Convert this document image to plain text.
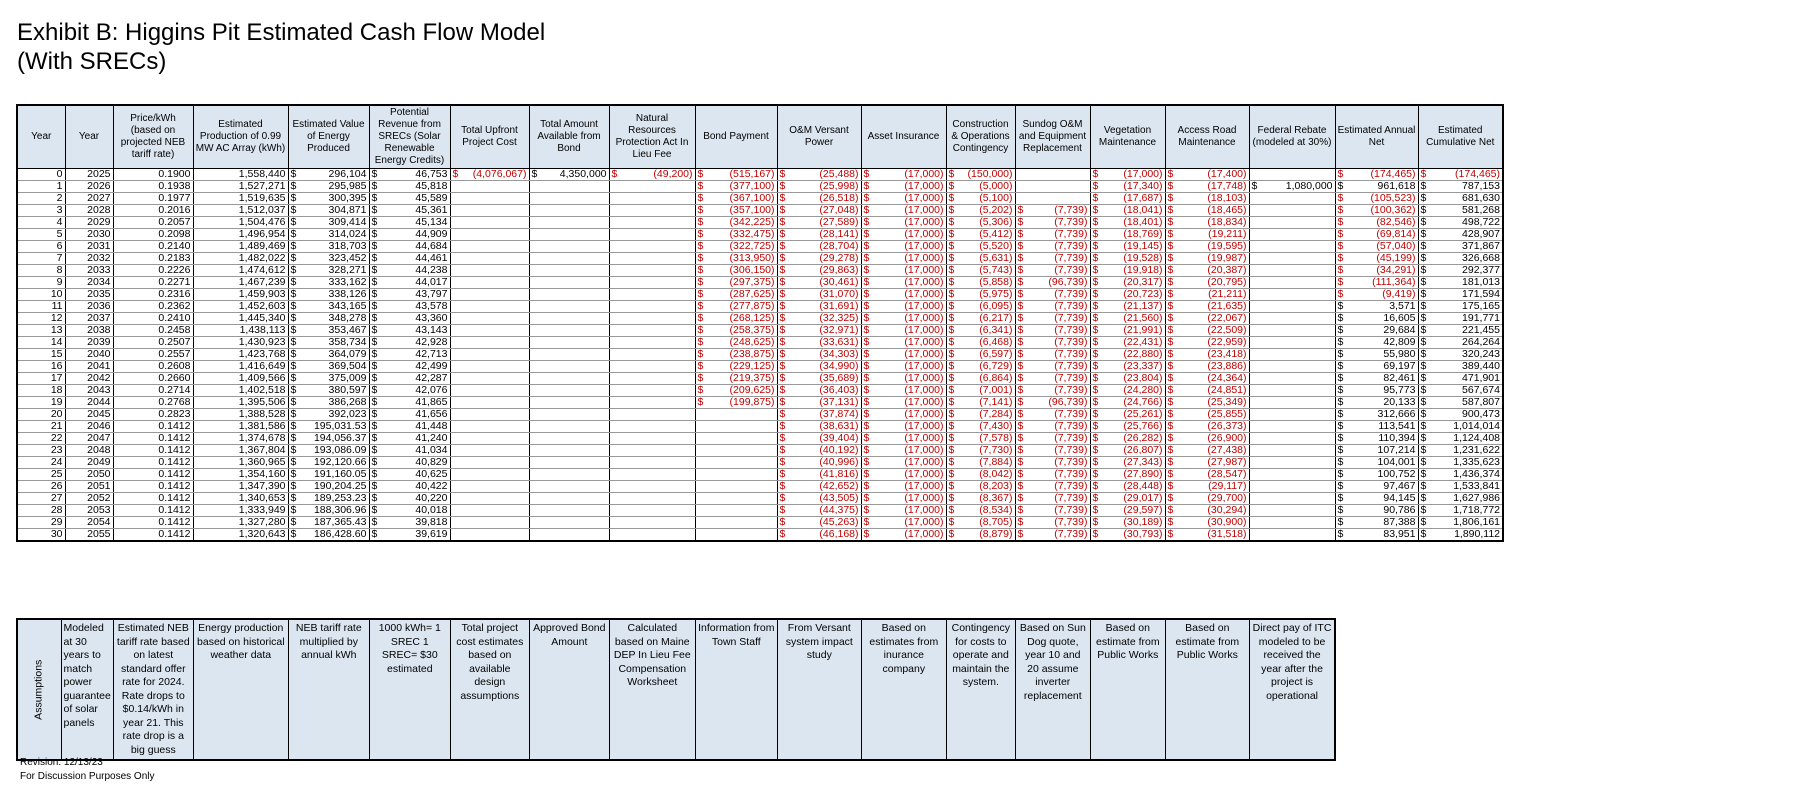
Exhibit B: Higgins Pit Estimated Cash Flow Model
(With SRECs)
Year	Year	Price/kWh (based on projected NEB tariff rate)	Estimated Production of 0.99 MW AC Array (kWh)	Estimated Value of Energy Produced	Potential Revenue from SRECs (Solar Renewable Energy Credits)	Total Upfront Project Cost	Total Amount Available from Bond	Natural Resources Protection Act In Lieu Fee	Bond Payment	O&M Versant Power	Asset Insurance	Construction & Operations Contingency	Sundog O&M and Equipment Replacement	Vegetation Maintenance	Access Road Maintenance	Federal Rebate (modeled at 30%)	Estimated Annual Net	Estimated Cumulative Net
0	2025	0.1900	1,558,440	$ 296,104	$ 46,753	$ (4,076,067)	$ 4,350,000	$ (49,200)	$ (515,167)	$ (25,488)	$ (17,000)	$ (150,000)		$ (17,000)	$ (17,400)		$ (174,465)	$ (174,465)
1	2026	0.1938	1,527,271	$ 295,985	$ 45,818				$ (377,100)	$ (25,998)	$ (17,000)	$ (5,000)		$ (17,340)	$ (17,748)	$ 1,080,000	$ 961,618	$ 787,153
2	2027	0.1977	1,519,635	$ 300,395	$ 45,589				$ (367,100)	$ (26,518)	$ (17,000)	$ (5,100)		$ (17,687)	$ (18,103)		$ (105,523)	$ 681,630
3	2028	0.2016	1,512,037	$ 304,871	$ 45,361				$ (357,100)	$ (27,048)	$ (17,000)	$ (5,202)	$ (7,739)	$ (18,041)	$ (18,465)		$ (100,362)	$ 581,268
4	2029	0.2057	1,504,476	$ 309,414	$ 45,134				$ (342,225)	$ (27,589)	$ (17,000)	$ (5,306)	$ (7,739)	$ (18,401)	$ (18,834)		$ (82,546)	$ 498,722
5	2030	0.2098	1,496,954	$ 314,024	$ 44,909				$ (332,475)	$ (28,141)	$ (17,000)	$ (5,412)	$ (7,739)	$ (18,769)	$ (19,211)		$ (69,814)	$ 428,907
6	2031	0.2140	1,489,469	$ 318,703	$ 44,684				$ (322,725)	$ (28,704)	$ (17,000)	$ (5,520)	$ (7,739)	$ (19,145)	$ (19,595)		$ (57,040)	$ 371,867
7	2032	0.2183	1,482,022	$ 323,452	$ 44,461				$ (313,950)	$ (29,278)	$ (17,000)	$ (5,631)	$ (7,739)	$ (19,528)	$ (19,987)		$ (45,199)	$ 326,668
8	2033	0.2226	1,474,612	$ 328,271	$ 44,238				$ (306,150)	$ (29,863)	$ (17,000)	$ (5,743)	$ (7,739)	$ (19,918)	$ (20,387)		$ (34,291)	$ 292,377
9	2034	0.2271	1,467,239	$ 333,162	$ 44,017				$ (297,375)	$ (30,461)	$ (17,000)	$ (5,858)	$ (96,739)	$ (20,317)	$ (20,795)		$ (111,364)	$ 181,013
10	2035	0.2316	1,459,903	$ 338,126	$ 43,797				$ (287,625)	$ (31,070)	$ (17,000)	$ (5,975)	$ (7,739)	$ (20,723)	$ (21,211)		$ (9,419)	$ 171,594
11	2036	0.2362	1,452,603	$ 343,165	$ 43,578				$ (277,875)	$ (31,691)	$ (17,000)	$ (6,095)	$ (7,739)	$ (21,137)	$ (21,635)		$ 3,571	$ 175,165
12	2037	0.2410	1,445,340	$ 348,278	$ 43,360				$ (268,125)	$ (32,325)	$ (17,000)	$ (6,217)	$ (7,739)	$ (21,560)	$ (22,067)		$ 16,605	$ 191,771
13	2038	0.2458	1,438,113	$ 353,467	$ 43,143				$ (258,375)	$ (32,971)	$ (17,000)	$ (6,341)	$ (7,739)	$ (21,991)	$ (22,509)		$ 29,684	$ 221,455
14	2039	0.2507	1,430,923	$ 358,734	$ 42,928				$ (248,625)	$ (33,631)	$ (17,000)	$ (6,468)	$ (7,739)	$ (22,431)	$ (22,959)		$ 42,809	$ 264,264
15	2040	0.2557	1,423,768	$ 364,079	$ 42,713				$ (238,875)	$ (34,303)	$ (17,000)	$ (6,597)	$ (7,739)	$ (22,880)	$ (23,418)		$ 55,980	$ 320,243
16	2041	0.2608	1,416,649	$ 369,504	$ 42,499				$ (229,125)	$ (34,990)	$ (17,000)	$ (6,729)	$ (7,739)	$ (23,337)	$ (23,886)		$ 69,197	$ 389,440
17	2042	0.2660	1,409,566	$ 375,009	$ 42,287				$ (219,375)	$ (35,689)	$ (17,000)	$ (6,864)	$ (7,739)	$ (23,804)	$ (24,364)		$ 82,461	$ 471,901
18	2043	0.2714	1,402,518	$ 380,597	$ 42,076				$ (209,625)	$ (36,403)	$ (17,000)	$ (7,001)	$ (7,739)	$ (24,280)	$ (24,851)		$ 95,773	$ 567,674
19	2044	0.2768	1,395,506	$ 386,268	$ 41,865				$ (199,875)	$ (37,131)	$ (17,000)	$ (7,141)	$ (96,739)	$ (24,766)	$ (25,349)		$ 20,133	$ 587,807
20	2045	0.2823	1,388,528	$ 392,023	$ 41,656					$ (37,874)	$ (17,000)	$ (7,284)	$ (7,739)	$ (25,261)	$ (25,855)		$ 312,666	$ 900,473
21	2046	0.1412	1,381,586	$ 195,031.53	$ 41,448					$ (38,631)	$ (17,000)	$ (7,430)	$ (7,739)	$ (25,766)	$ (26,373)		$ 113,541	$ 1,014,014
22	2047	0.1412	1,374,678	$ 194,056.37	$ 41,240					$ (39,404)	$ (17,000)	$ (7,578)	$ (7,739)	$ (26,282)	$ (26,900)		$ 110,394	$ 1,124,408
23	2048	0.1412	1,367,804	$ 193,086.09	$ 41,034					$ (40,192)	$ (17,000)	$ (7,730)	$ (7,739)	$ (26,807)	$ (27,438)		$ 107,214	$ 1,231,622
24	2049	0.1412	1,360,965	$ 192,120.66	$ 40,829					$ (40,996)	$ (17,000)	$ (7,884)	$ (7,739)	$ (27,343)	$ (27,987)		$ 104,001	$ 1,335,623
25	2050	0.1412	1,354,160	$ 191,160.05	$ 40,625					$ (41,816)	$ (17,000)	$ (8,042)	$ (7,739)	$ (27,890)	$ (28,547)		$ 100,752	$ 1,436,374
26	2051	0.1412	1,347,390	$ 190,204.25	$ 40,422					$ (42,652)	$ (17,000)	$ (8,203)	$ (7,739)	$ (28,448)	$ (29,117)		$ 97,467	$ 1,533,841
27	2052	0.1412	1,340,653	$ 189,253.23	$ 40,220					$ (43,505)	$ (17,000)	$ (8,367)	$ (7,739)	$ (29,017)	$ (29,700)		$ 94,145	$ 1,627,986
28	2053	0.1412	1,333,949	$ 188,306.96	$ 40,018					$ (44,375)	$ (17,000)	$ (8,534)	$ (7,739)	$ (29,597)	$ (30,294)		$ 90,786	$ 1,718,772
29	2054	0.1412	1,327,280	$ 187,365.43	$ 39,818					$ (45,263)	$ (17,000)	$ (8,705)	$ (7,739)	$ (30,189)	$ (30,900)		$ 87,388	$ 1,806,161
30	2055	0.1412	1,320,643	$ 186,428.60	$ 39,619					$ (46,168)	$ (17,000)	$ (8,879)	$ (7,739)	$ (30,793)	$ (31,518)		$ 83,951	$ 1,890,112
Assumptions
	Modeled at 30 years to match power guarantee of solar panels	Estimated NEB tariff rate based on latest standard offer rate for 2024. Rate drops to $0.14/kWh in year 21. This rate drop is a big guess	Energy production based on historical weather data	NEB tariff rate multiplied by annual kWh	1000 kWh= 1 SREC 1 SREC= $30 estimated	Total project cost estimates based on available design assumptions	Approved Bond Amount	Calculated based on Maine DEP In Lieu Fee Compensation Worksheet	Information from Town Staff	From Versant system impact study	Based on estimates from inurance company	Contingency for costs to operate and maintain the system.	Based on Sun Dog quote, year 10 and 20 assume inverter replacement	Based on estimate from Public Works	Based on estimate from Public Works	Direct pay of ITC modeled to be received the year after the project is operational
Revision: 12/13/23
For Discussion Purposes Only
